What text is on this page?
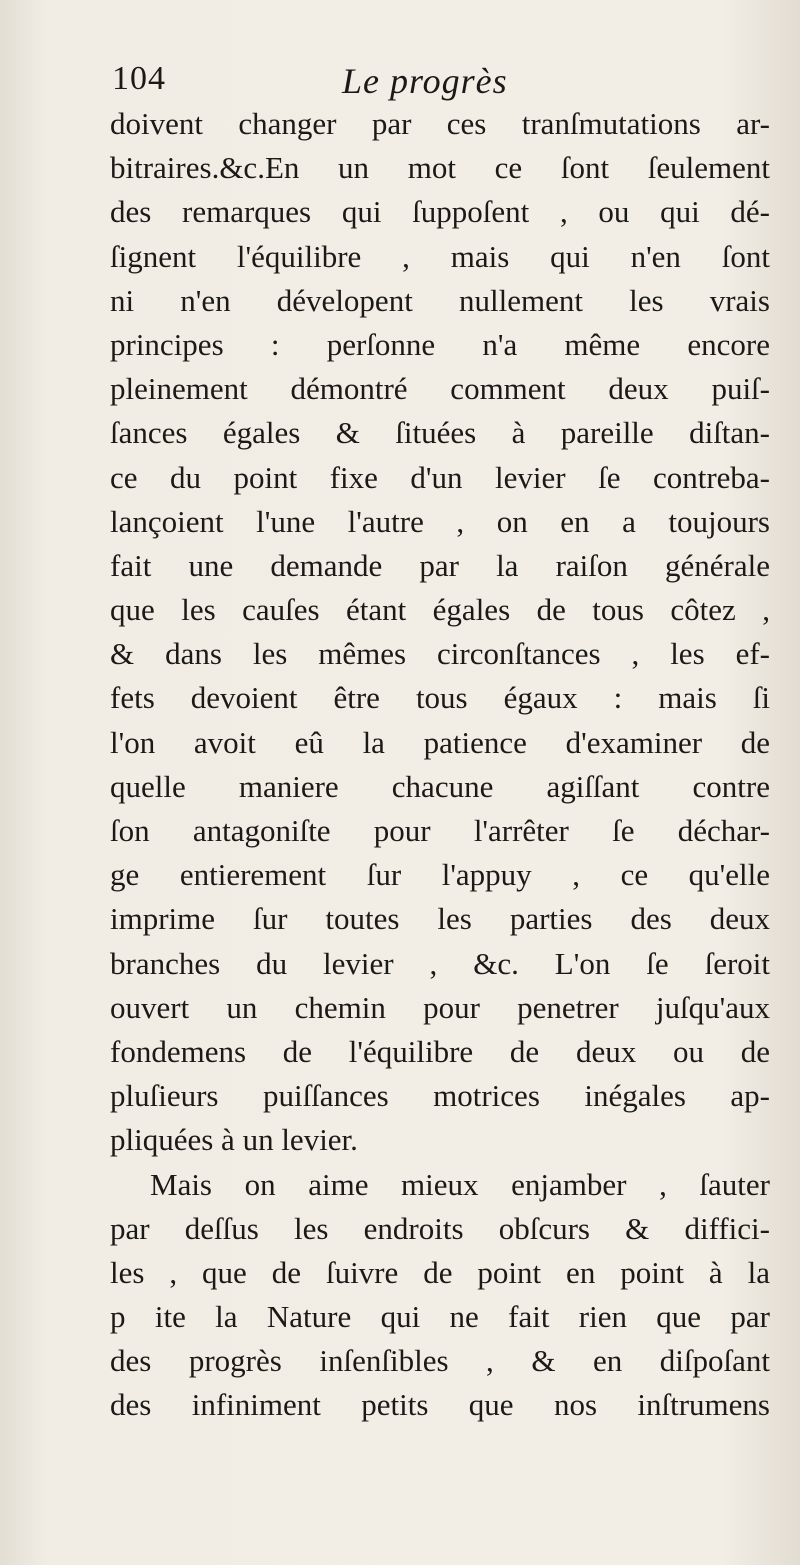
104	Le progrès
doivent changer par ces tranſmutations ar-
bitraires.&c.En un mot ce ſont ſeulement
des remarques qui ſuppoſent , ou qui dé-
ſignent l'équilibre , mais qui n'en ſont
ni n'en dévelopent nullement les vrais
principes : perſonne n'a même encore
pleinement démontré comment deux puiſ-
ſances égales & ſituées à pareille diſtan-
ce du point fixe d'un levier ſe contreba-
lançoient l'une l'autre , on en a toujours
fait une demande par la raiſon générale
que les cauſes étant égales de tous côtez ,
& dans les mêmes circonſtances , les ef-
fets devoient être tous égaux : mais ſi
l'on avoit eû la patience d'examiner de
quelle maniere chacune agiſſant contre
ſon antagoniſte pour l'arrêter ſe déchar-
ge entierement ſur l'appuy , ce qu'elle
imprime ſur toutes les parties des deux
branches du levier , &c. L'on ſe ſeroit
ouvert un chemin pour penetrer juſqu'aux
fondemens de l'équilibre de deux ou de
pluſieurs puiſſances motrices inégales ap-
pliquées à un levier.
Mais on aime mieux enjamber , ſauter
par deſſus les endroits obſcurs & diffici-
les , que de ſuivre de point en point à la
p ite la Nature qui ne fait rien que par
des progrès inſenſibles , & en diſpoſant
des infiniment petits que nos inſtrumens
